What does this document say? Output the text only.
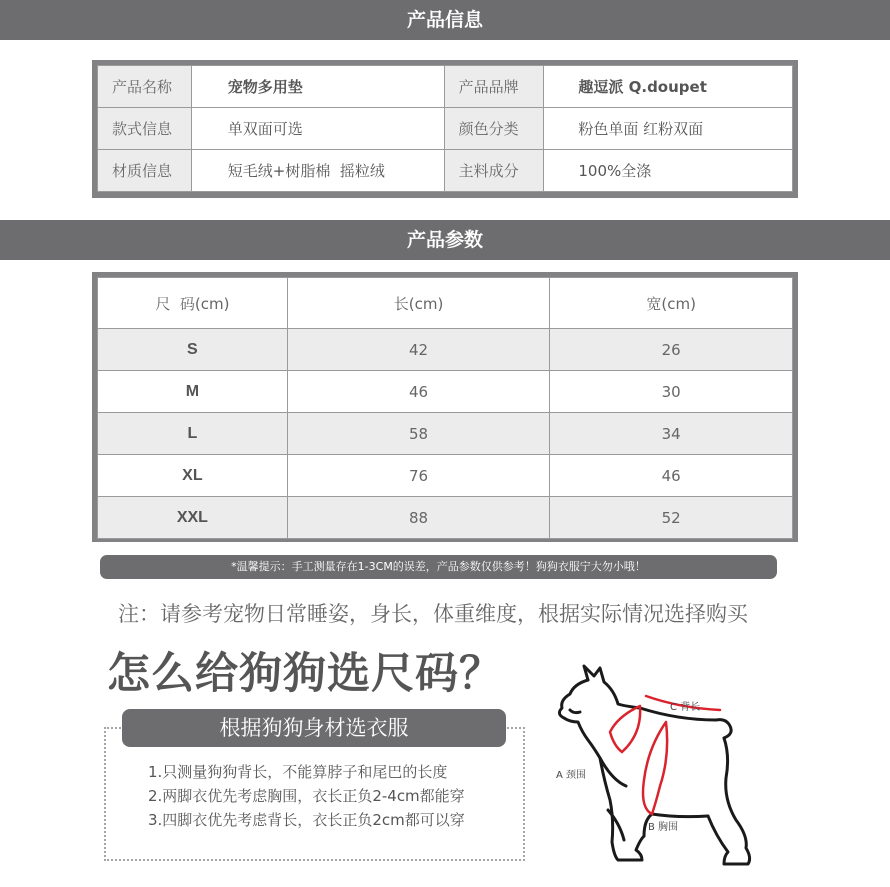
产品信息
产品名称	宠物多用垫	产品品牌	趣逗派 Q.doupet
款式信息	单双面可选	颜色分类	粉色单面 红粉双面
材质信息	短毛绒+树脂棉  摇粒绒	主料成分	100%全涤
产品参数
尺  码(cm)	长(cm)	宽(cm)
S	42	26
M	46	30
L	58	34
XL	76	46
XXL	88	52
*温馨提示：手工测量存在1-3CM的误差，产品参数仅供参考！狗狗衣服宁大勿小哦！
注：请参考宠物日常睡姿，身长，体重维度，根据实际情况选择购买
怎么给狗狗选尺码？
根据狗狗身材选衣服
1.只测量狗狗背长，不能算脖子和尾巴的长度
2.两脚衣优先考虑胸围，衣长正负2-4cm都能穿
3.四脚衣优先考虑背长，衣长正负2cm都可以穿
C 背长
A 颈围
B 胸围
